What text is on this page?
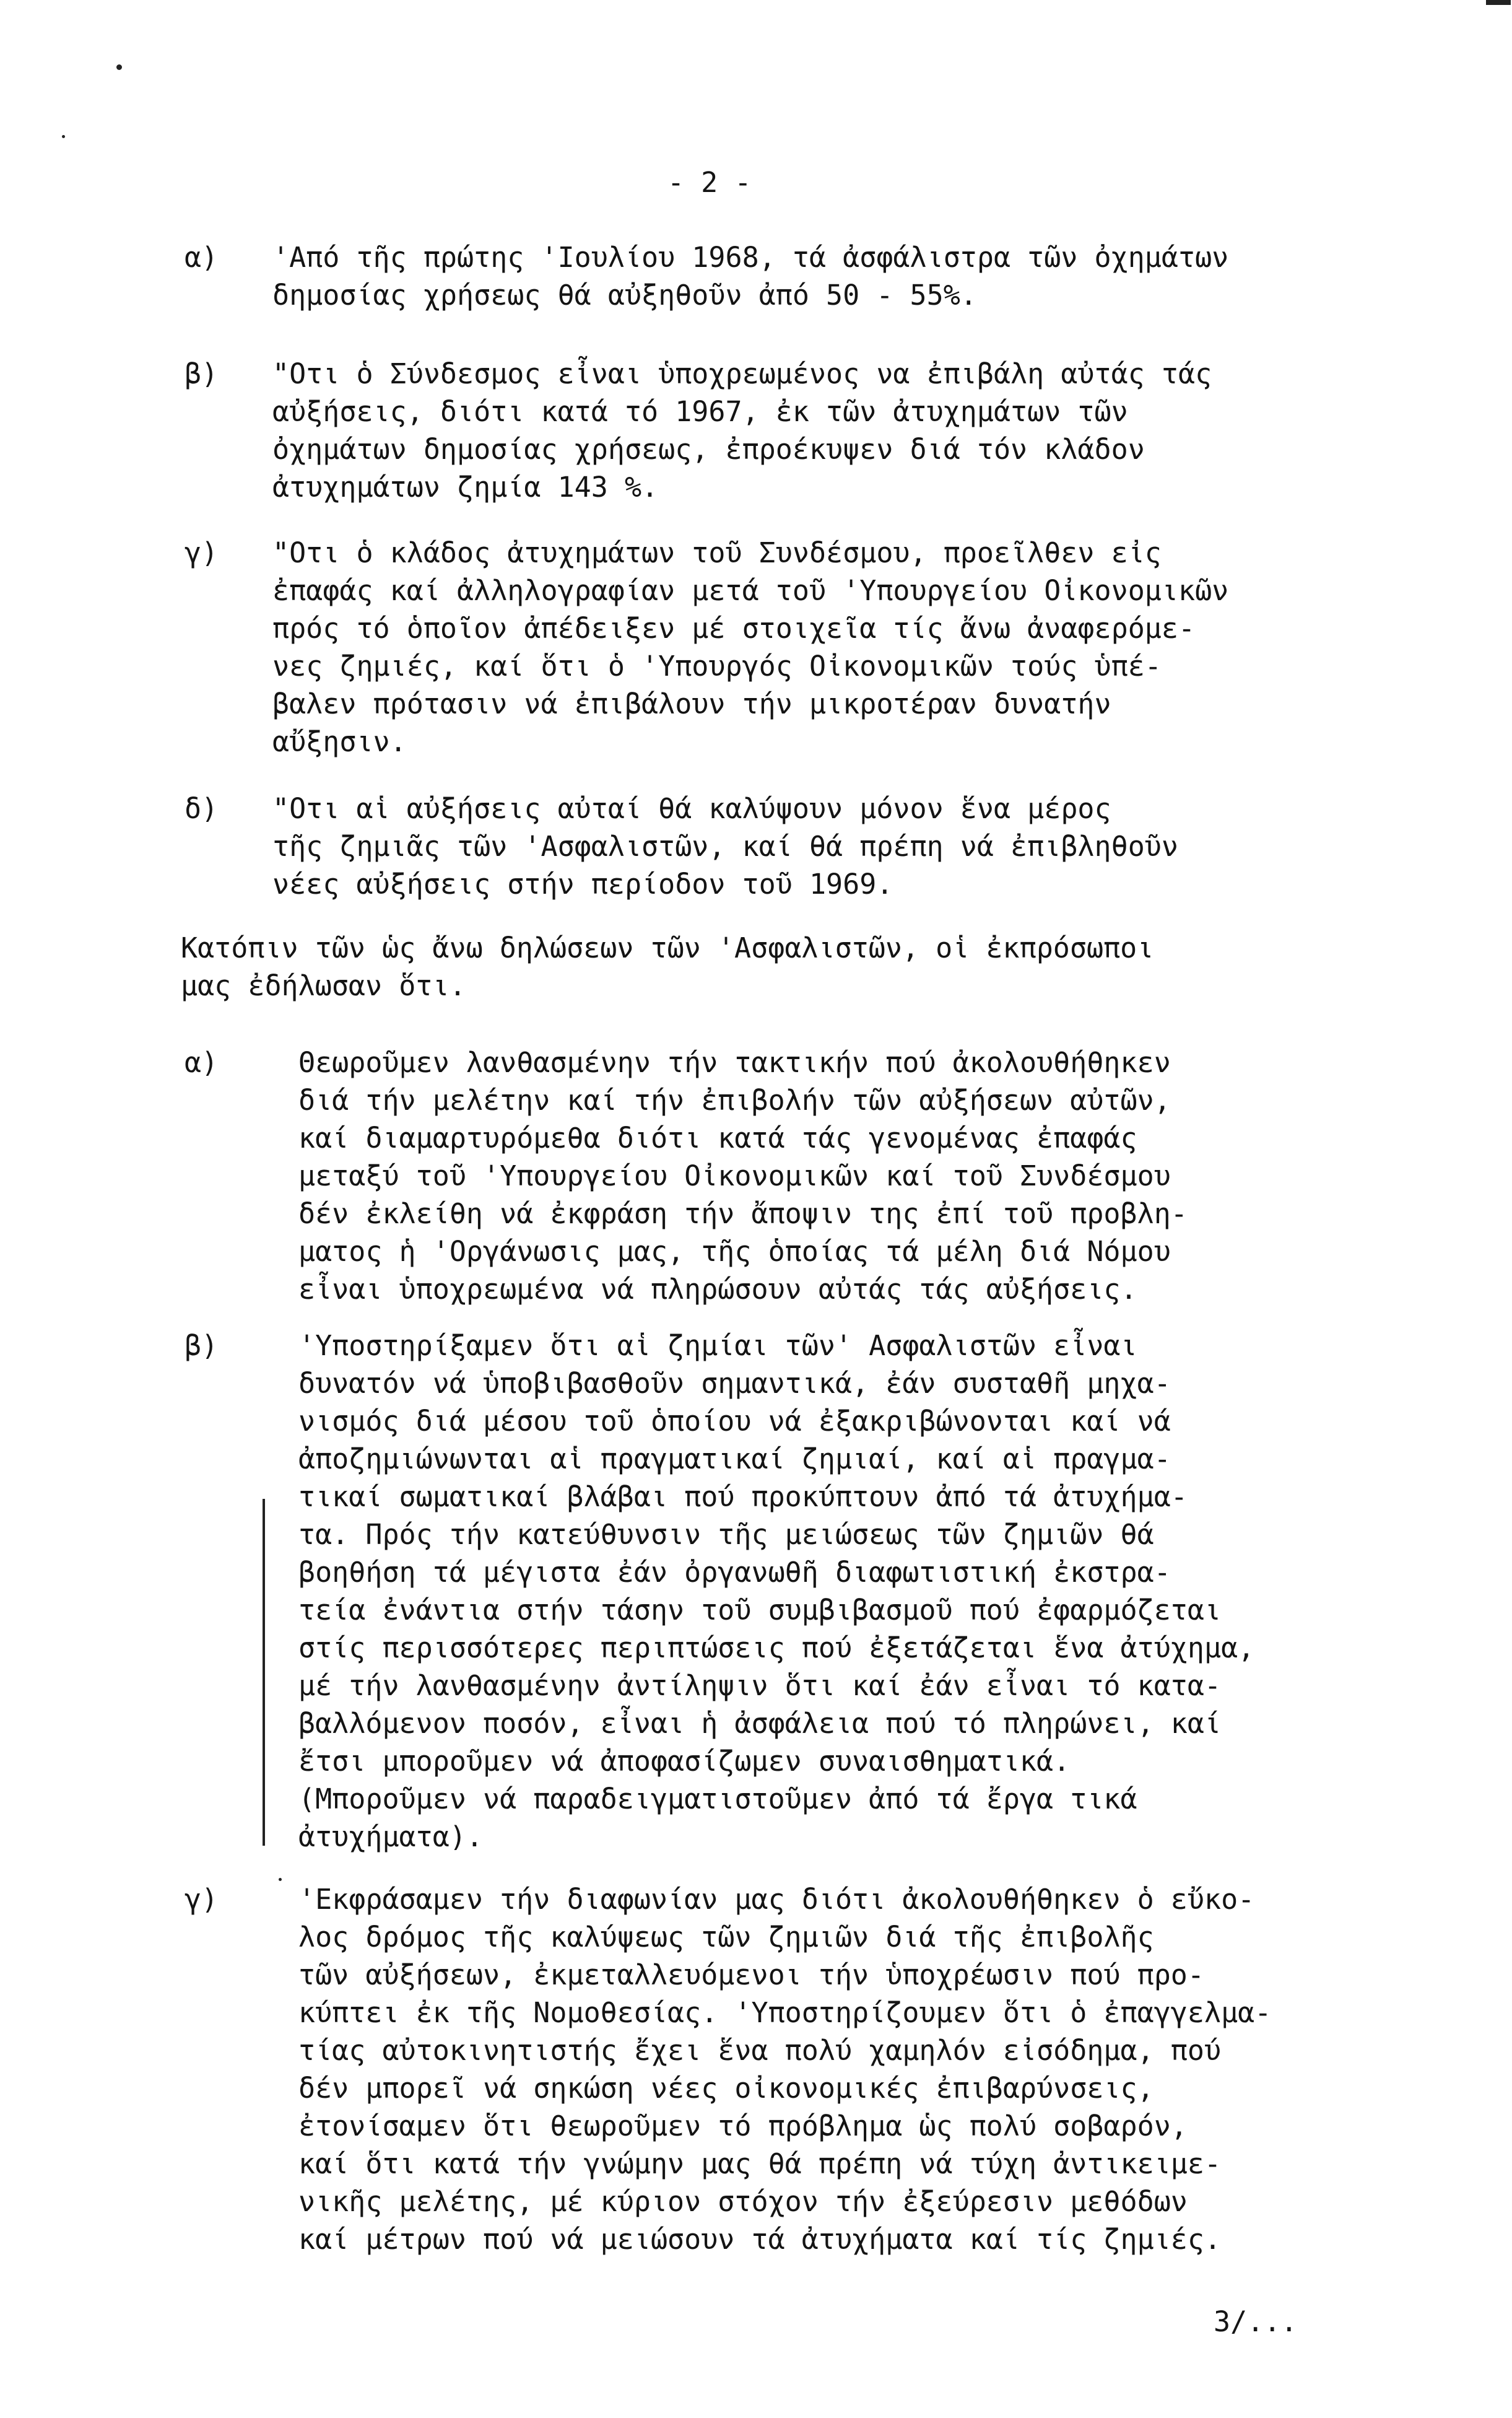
- 2 -
α) 'Από τῆς πρώτης 'Ιουλίου 1968, τά ἀσφάλιστρα τῶν ὀχημάτων
δημοσίας χρήσεως θά αὐξηθοῦν ἀπό 50 - 55%.
β) "Οτι ὁ Σύνδεσμος εἶναι ὑποχρεωμένος να ἐπιβάλη αὐτάς τάς
αὐξήσεις, διότι κατά τό 1967, ἐκ τῶν ἀτυχημάτων τῶν
ὀχημάτων δημοσίας χρήσεως, ἐπροέκυψεν διά τόν κλάδον
ἀτυχημάτων ζημία 143 %.
γ) "Οτι ὁ κλάδος ἀτυχημάτων τοῦ Συνδέσμου, προεῖλθεν εἰς
ἐπαφάς καί ἀλληλογραφίαν μετά τοῦ 'Υπουργείου Οἰκονομικῶν
πρός τό ὁποῖον ἀπέδειξεν μέ στοιχεῖα τίς ἄνω ἀναφερόμε-
νες ζημιές, καί ὅτι ὁ 'Υπουργός Οἰκονομικῶν τούς ὑπέ-
βαλεν πρότασιν νά ἐπιβάλουν τήν μικροτέραν δυνατήν
αὔξησιν.
δ) "Οτι αἱ αὐξήσεις αὐταί θά καλύψουν μόνον ἕνα μέρος
τῆς ζημιᾶς τῶν 'Ασφαλιστῶν, καί θά πρέπη νά ἐπιβληθοῦν
νέες αὐξήσεις στήν περίοδον τοῦ 1969.
Κατόπιν τῶν ὡς ἄνω δηλώσεων τῶν 'Ασφαλιστῶν, οἱ ἐκπρόσωποι
μας ἐδήλωσαν ὅτι.
α)	Θεωροῦμεν λανθασμένην τήν τακτικήν πού ἀκολουθήθηκεν
διά τήν μελέτην καί τήν ἐπιβολήν τῶν αὐξήσεων αὐτῶν,
καί διαμαρτυρόμεθα διότι κατά τάς γενομένας ἐπαφάς
μεταξύ τοῦ 'Υπουργείου Οἰκονομικῶν καί τοῦ Συνδέσμου
δέν ἐκλείθη νά ἐκφράση τήν ἄποψιν της ἐπί τοῦ προβλη-
ματος ἡ 'Οργάνωσις μας, τῆς ὁποίας τά μέλη διά Νόμου
εἶναι ὑποχρεωμένα νά πληρώσουν αὐτάς τάς αὐξήσεις.
β)	'Υποστηρίξαμεν ὅτι αἱ ζημίαι τῶν' Ασφαλιστῶν εἶναι
δυνατόν νά ὑποβιβασθοῦν σημαντικά, ἐάν συσταθῆ μηχα-
νισμός διά μέσου τοῦ ὁποίου νά ἐξακριβώνονται καί νά
ἀποζημιώνωνται αἱ πραγματικαί ζημιαί, καί αἱ πραγμα-
τικαί σωματικαί βλάβαι πού προκύπτουν ἀπό τά ἀτυχήμα-
τα. Πρός τήν κατεύθυνσιν τῆς μειώσεως τῶν ζημιῶν θά
βοηθήση τά μέγιστα ἐάν ὀργανωθῆ διαφωτιστική ἐκστρα-
τεία ἐνάντια στήν τάσην τοῦ συμβιβασμοῦ πού ἐφαρμόζεται
στίς περισσότερες περιπτώσεις πού ἐξετάζεται ἕνα ἀτύχημα,
μέ τήν λανθασμένην ἀντίληψιν ὅτι καί ἐάν εἶναι τό κατα-
βαλλόμενον ποσόν, εἶναι ἡ ἀσφάλεια πού τό πληρώνει, καί
ἔτσι μποροῦμεν νά ἀποφασίζωμεν συναισθηματικά.
(Μποροῦμεν νά παραδειγματιστοῦμεν ἀπό τά ἔργα τικά
ἀτυχήματα).
γ)	'Εκφράσαμεν τήν διαφωνίαν μας διότι ἀκολουθήθηκεν ὁ εὔκο-
λος δρόμος τῆς καλύψεως τῶν ζημιῶν διά τῆς ἐπιβολῆς
τῶν αὐξήσεων, ἐκμεταλλευόμενοι τήν ὑποχρέωσιν πού προ-
κύπτει ἐκ τῆς Νομοθεσίας. 'Υποστηρίζουμεν ὅτι ὁ ἐπαγγελμα-
τίας αὐτοκινητιστής ἔχει ἕνα πολύ χαμηλόν εἰσόδημα, πού
δέν μπορεῖ νά σηκώση νέες οἰκονομικές ἐπιβαρύνσεις,
ἐτονίσαμεν ὅτι θεωροῦμεν τό πρόβλημα ὡς πολύ σοβαρόν,
καί ὅτι κατά τήν γνώμην μας θά πρέπη νά τύχη ἀντικειμε-
νικῆς μελέτης, μέ κύριον στόχον τήν ἐξεύρεσιν μεθόδων
καί μέτρων πού νά μειώσουν τά ἀτυχήματα καί τίς ζημιές.
3/...
